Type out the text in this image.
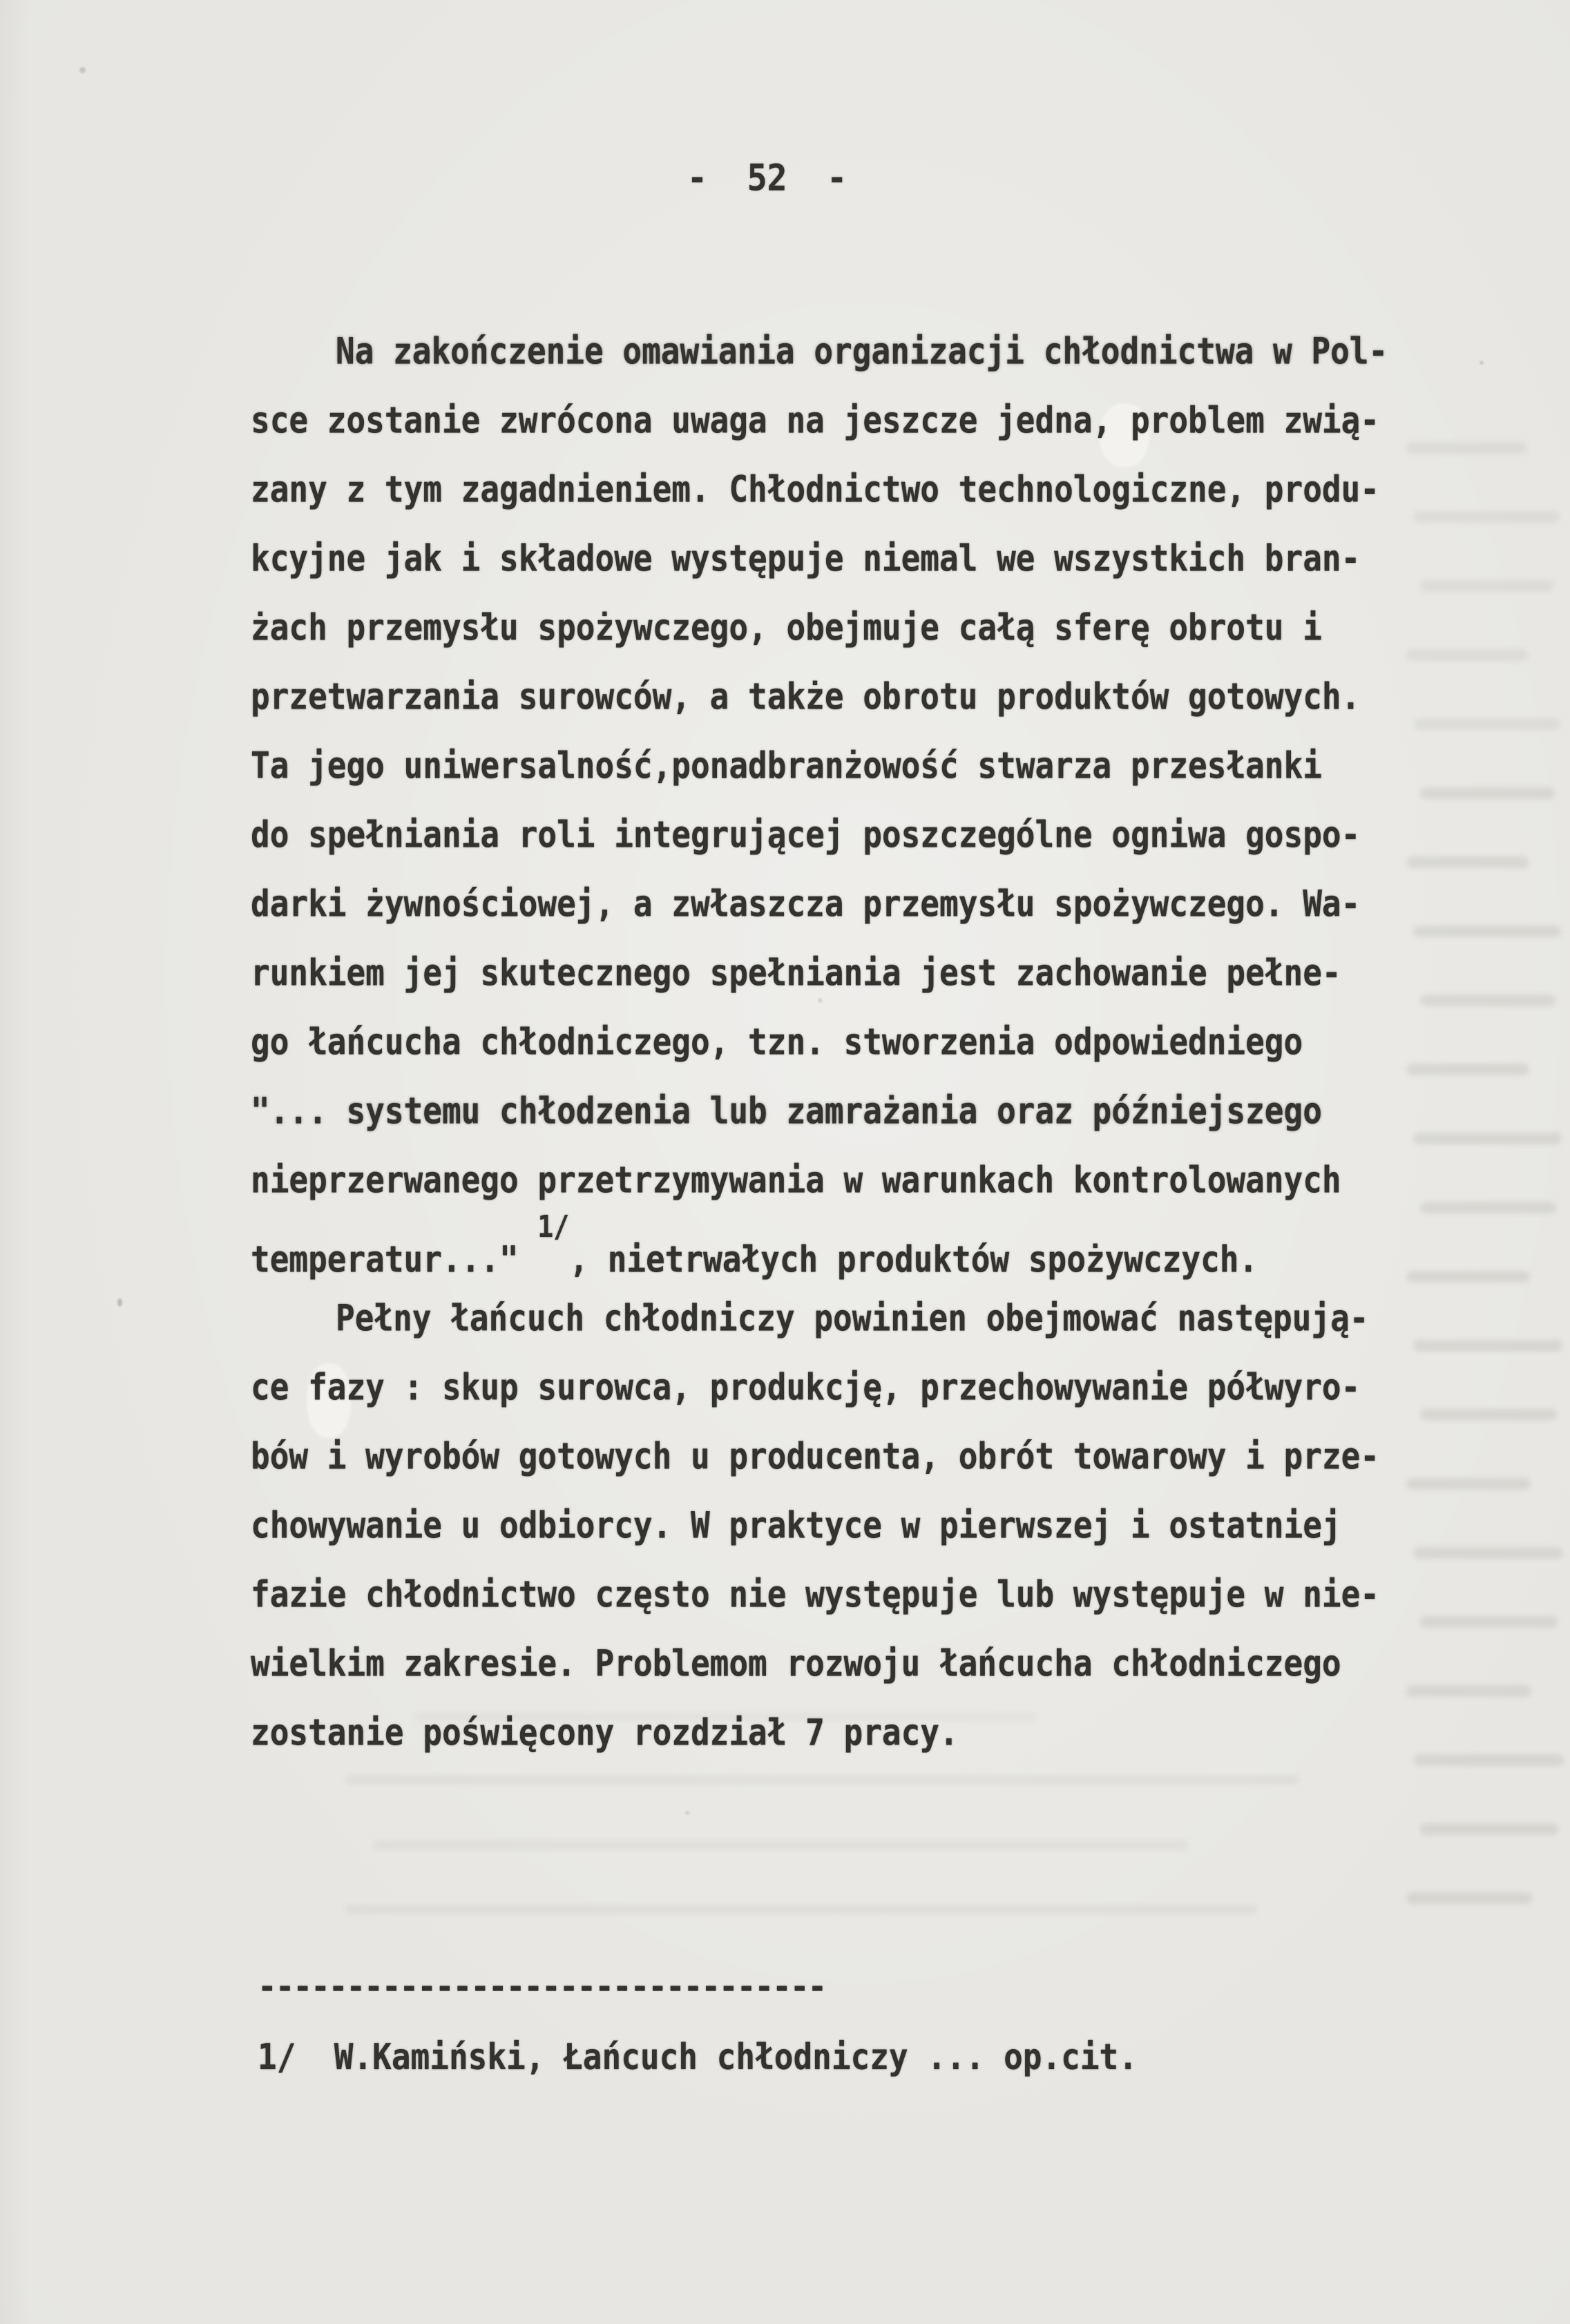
-  52  -
Na zakończenie omawiania organizacji chłodnictwa w Pol-
sce zostanie zwrócona uwaga na jeszcze jedna, problem zwią-
zany z tym zagadnieniem. Chłodnictwo technologiczne, produ-
kcyjne jak i składowe występuje niemal we wszystkich bran-
żach przemysłu spożywczego, obejmuje całą sferę obrotu i
przetwarzania surowców, a także obrotu produktów gotowych.
Ta jego uniwersalność,ponadbranżowość stwarza przesłanki
do spełniania roli integrującej poszczególne ogniwa gospo-
darki żywnościowej, a zwłaszcza przemysłu spożywczego. Wa-
runkiem jej skutecznego spełniania jest zachowanie pełne-
go łańcucha chłodniczego, tzn. stworzenia odpowiedniego
"... systemu chłodzenia lub zamrażania oraz późniejszego
nieprzerwanego przetrzymywania w warunkach kontrolowanych
temperatur..." $^{1/}$, nietrwałych produktów spożywczych.
Pełny łańcuch chłodniczy powinien obejmować następują-
ce fazy : skup surowca, produkcję, przechowywanie półwyro-
bów i wyrobów gotowych u producenta, obrót towarowy i prze-
chowywanie u odbiorcy. W praktyce w pierwszej i ostatniej
fazie chłodnictwo często nie występuje lub występuje w nie-
wielkim zakresie. Problemom rozwoju łańcucha chłodniczego
zostanie poświęcony rozdział 7 pracy.
--------------------------------
1/  W.Kamiński, Łańcuch chłodniczy ... op.cit.
